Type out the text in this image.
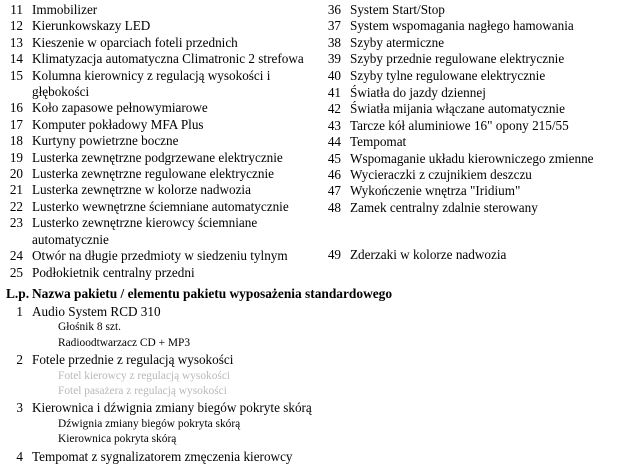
11 Immobilizer
12 Kierunkowskazy LED
13 Kieszenie w oparciach foteli przednich
14 Klimatyzacja automatyczna Climatronic 2 strefowa
15 Kolumna kierownicy z regulacją wysokości i głębokości
16 Koło zapasowe pełnowymiarowe
17 Komputer pokładowy MFA Plus
18 Kurtyny powietrzne boczne
19 Lusterka zewnętrzne podgrzewane elektrycznie
20 Lusterka zewnętrzne regulowane elektrycznie
21 Lusterka zewnętrzne w kolorze nadwozia
22 Lusterko wewnętrzne ściemniane automatycznie
23 Lusterko zewnętrzne kierowcy ściemniane automatycznie
24 Otwór na długie przedmioty w siedzeniu tylnym
25 Podłokietnik centralny przedni
36 System Start/Stop
37 System wspomagania nagłego hamowania
38 Szyby atermiczne
39 Szyby przednie regulowane elektrycznie
40 Szyby tylne regulowane elektrycznie
41 Światła do jazdy dziennej
42 Światła mijania włączane automatycznie
43 Tarcze kół aluminiowe 16" opony 215/55
44 Tempomat
45 Wspomaganie układu kierowniczego zmienne
46 Wycieraczki z czujnikiem deszczu
47 Wykończenie wnętrza "Iridium"
48 Zamek centralny zdalnie sterowany
49 Zderzaki w kolorze nadwozia
L.p. Nazwa pakietu / elementu pakietu wyposażenia standardowego
1 Audio System RCD 310
Głośnik 8 szt.
Radioodtwarzacz CD + MP3
2 Fotele przednie z regulacją wysokości
Fotel kierowcy z regulacją wysokości
Fotel pasażera z regulacją wysokości
3 Kierownica i dźwignia zmiany biegów pokryte skórą
Dźwignia zmiany biegów pokryta skórą
Kierownica pokryta skórą
4 Tempomat z sygnalizatorem zmęczenia kierowcy
